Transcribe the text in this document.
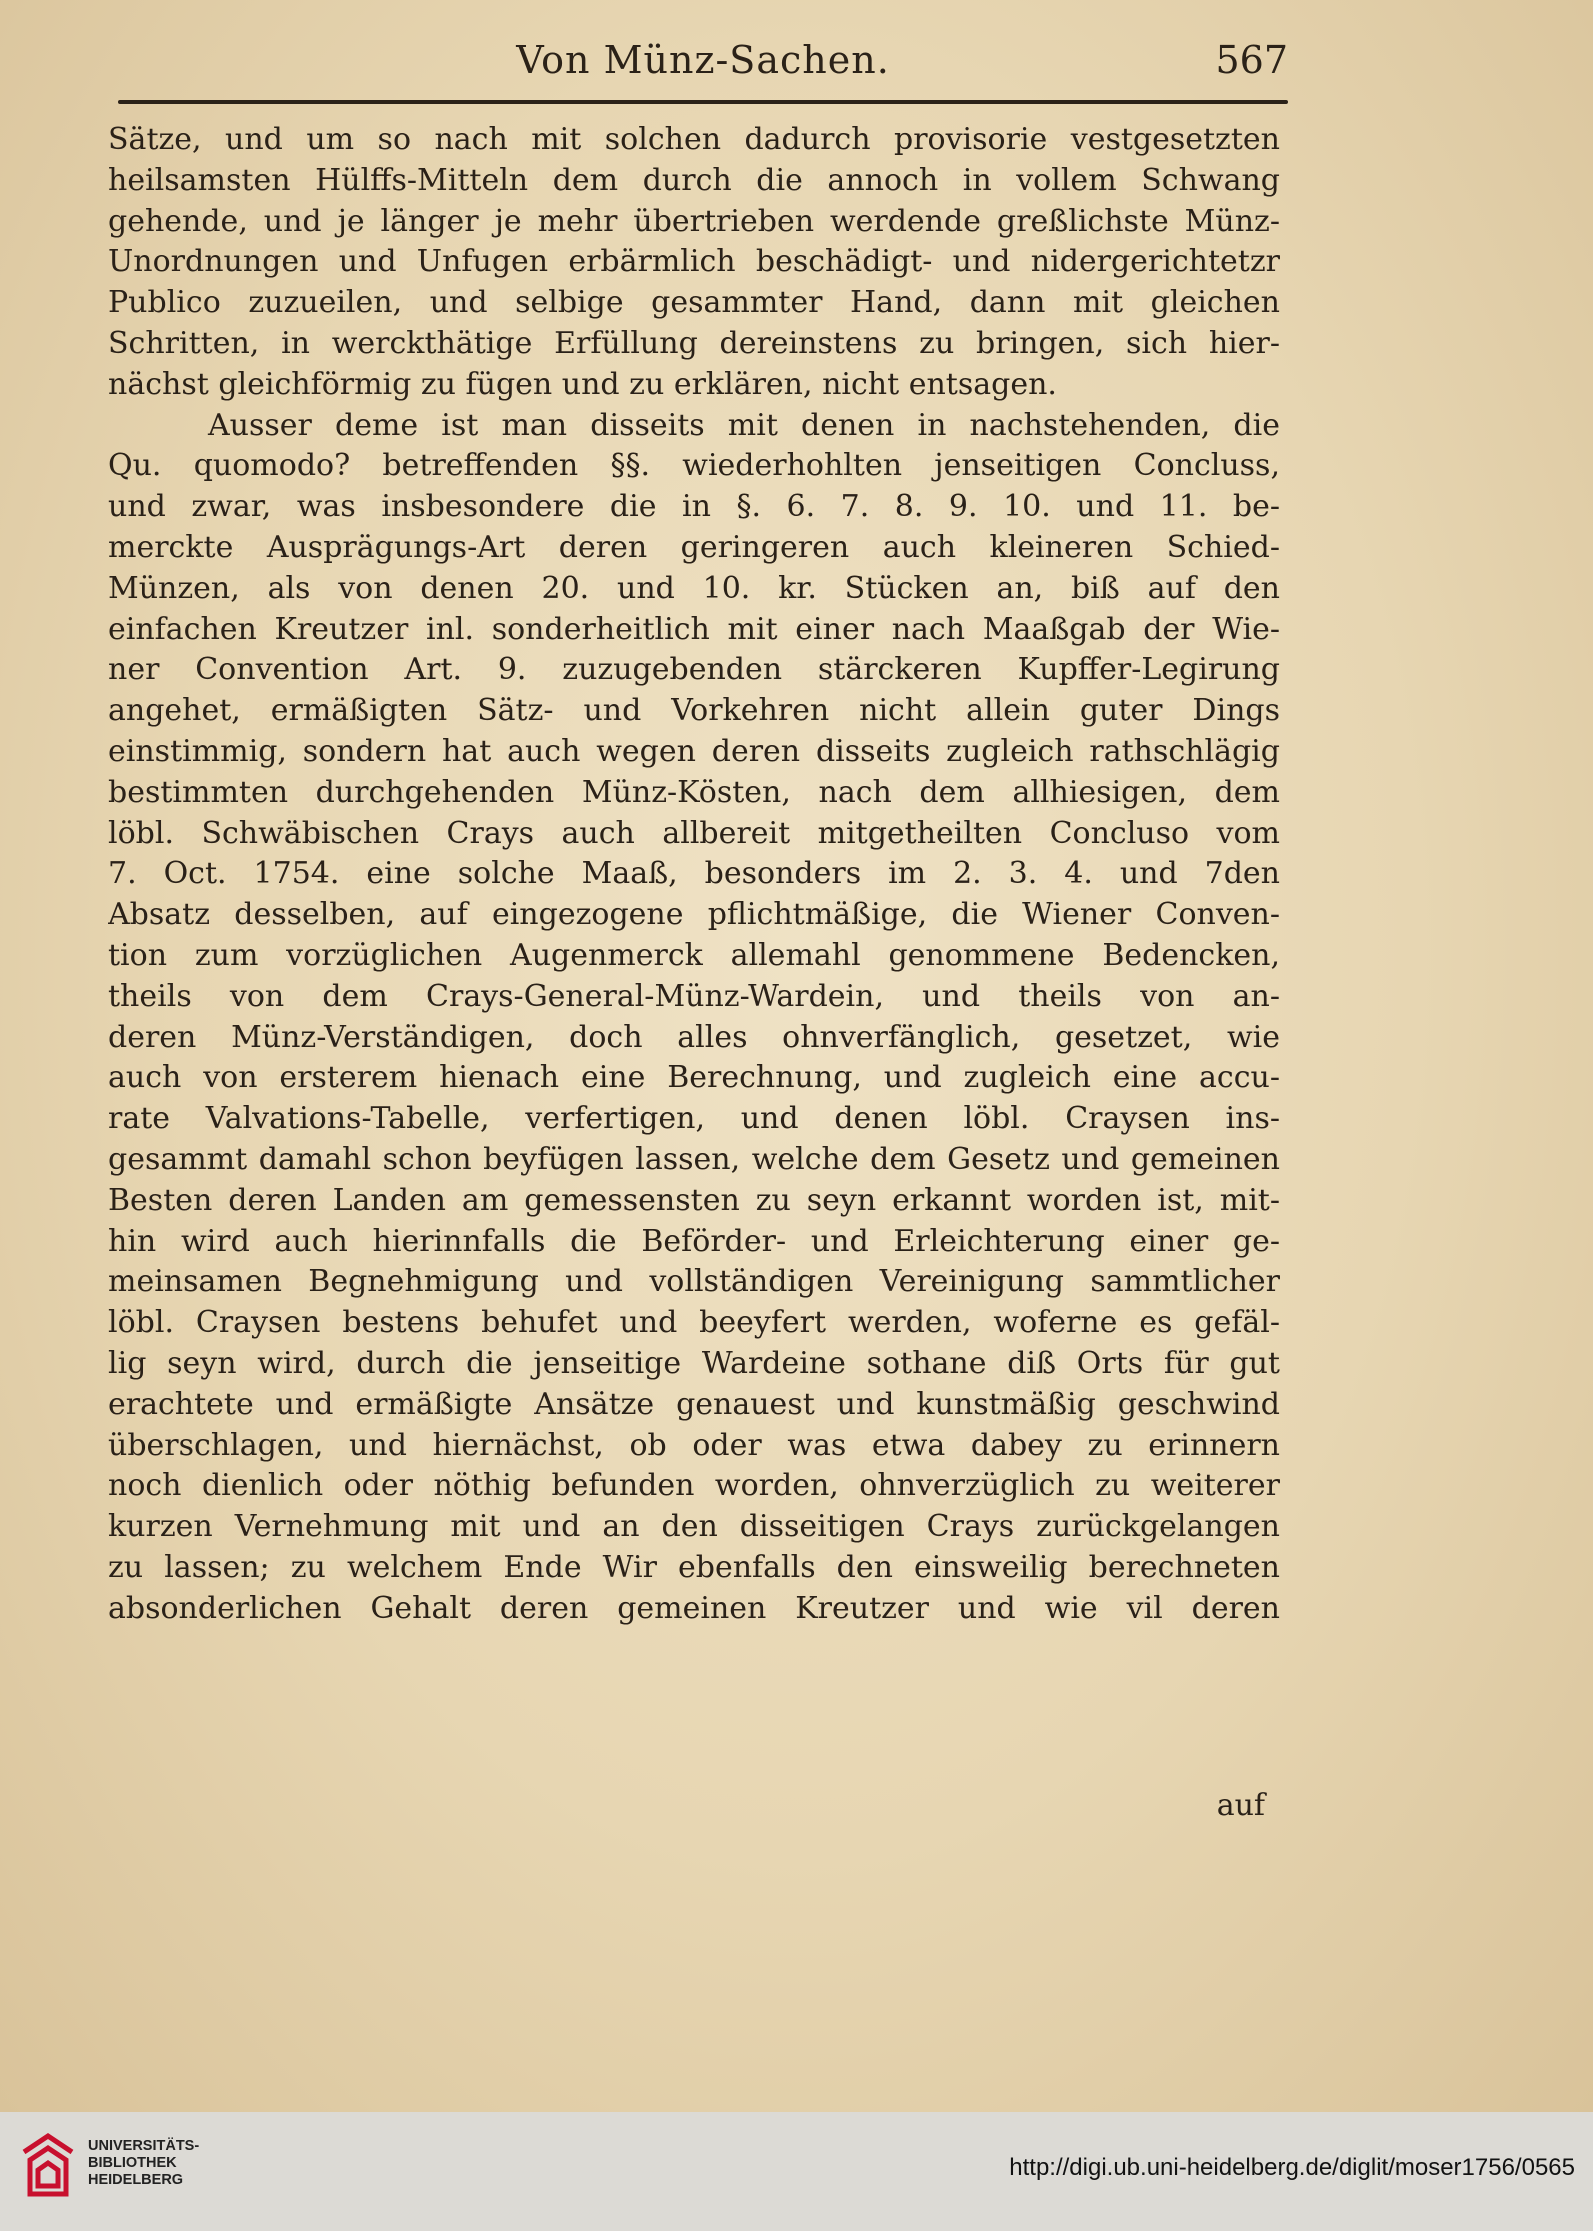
Von Münz-Sachen.	567
Sätze, und um so nach mit solchen dadurch provisorie vestgesetzten
heilsamsten Hülffs-Mitteln dem durch die annoch in vollem Schwang
gehende, und je länger je mehr übertrieben werdende greßlichste Münz-
Unordnungen und Unfugen erbärmlich beschädigt- und nidergerichtetzr
Publico zuzueilen, und selbige gesammter Hand, dann mit gleichen
Schritten, in werckthätige Erfüllung dereinstens zu bringen, sich hier-
nächst gleichförmig zu fügen und zu erklären, nicht entsagen.
Ausser deme ist man disseits mit denen in nachstehenden, die
Qu. quomodo? betreffenden §§. wiederhohlten jenseitigen Concluss,
und zwar, was insbesondere die in §. 6. 7. 8. 9. 10. und 11. be-
merckte Ausprägungs-Art deren geringeren auch kleineren Schied-
Münzen, als von denen 20. und 10. kr. Stücken an, biß auf den
einfachen Kreutzer inl. sonderheitlich mit einer nach Maaßgab der Wie-
ner Convention Art. 9. zuzugebenden stärckeren Kupffer-Legirung
angehet, ermäßigten Sätz- und Vorkehren nicht allein guter Dings
einstimmig, sondern hat auch wegen deren disseits zugleich rathschlägig
bestimmten durchgehenden Münz-Kösten, nach dem allhiesigen, dem
löbl. Schwäbischen Crays auch allbereit mitgetheilten Concluso vom
7. Oct. 1754. eine solche Maaß, besonders im 2. 3. 4. und 7den
Absatz desselben, auf eingezogene pflichtmäßige, die Wiener Conven-
tion zum vorzüglichen Augenmerck allemahl genommene Bedencken,
theils von dem Crays-General-Münz-Wardein, und theils von an-
deren Münz-Verständigen, doch alles ohnverfänglich, gesetzet, wie
auch von ersterem hienach eine Berechnung, und zugleich eine accu-
rate Valvations-Tabelle, verfertigen, und denen löbl. Craysen ins-
gesammt damahl schon beyfügen lassen, welche dem Gesetz und gemeinen
Besten deren Landen am gemessensten zu seyn erkannt worden ist, mit-
hin wird auch hierinnfalls die Beförder- und Erleichterung einer ge-
meinsamen Begnehmigung und vollständigen Vereinigung sammtlicher
löbl. Craysen bestens behufet und beeyfert werden, woferne es gefäl-
lig seyn wird, durch die jenseitige Wardeine sothane diß Orts für gut
erachtete und ermäßigte Ansätze genauest und kunstmäßig geschwind
überschlagen, und hiernächst, ob oder was etwa dabey zu erinnern
noch dienlich oder nöthig befunden worden, ohnverzüglich zu weiterer
kurzen Vernehmung mit und an den disseitigen Crays zurückgelangen
zu lassen; zu welchem Ende Wir ebenfalls den einsweilig berechneten
absonderlichen Gehalt deren gemeinen Kreutzer und wie vil deren
auf
UNIVERSITÄTS-
BIBLIOTHEK
HEIDELBERG	http://digi.ub.uni-heidelberg.de/diglit/moser1756/0565
